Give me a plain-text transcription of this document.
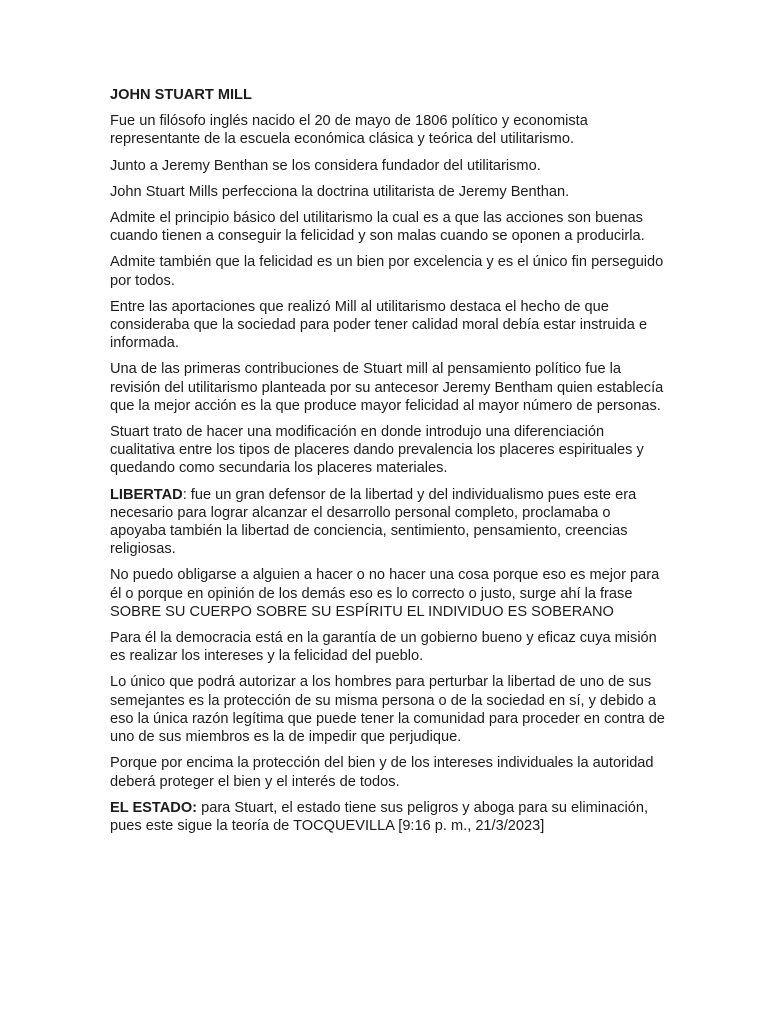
JOHN STUART MILL

Fue un filósofo inglés nacido el 20 de mayo de 1806 político y economista representante de la escuela económica clásica y teórica del utilitarismo.

Junto a Jeremy Benthan se los considera fundador del utilitarismo.

John Stuart Mills perfecciona la doctrina utilitarista de Jeremy Benthan.

Admite el principio básico del utilitarismo la cual es a que las acciones son buenas cuando tienen a conseguir la felicidad y son malas cuando se oponen a producirla.

Admite también que la felicidad es un bien por excelencia y es el único fin perseguido por todos.

Entre las aportaciones que realizó Mill al utilitarismo destaca el hecho de que consideraba que la sociedad para poder tener calidad moral debía estar instruida e informada.

Una de las primeras contribuciones de Stuart mill al pensamiento político fue la revisión del utilitarismo planteada por su antecesor Jeremy Bentham quien establecía que la mejor acción es la que produce mayor felicidad al mayor número de personas.

Stuart trato de hacer una modificación en donde introdujo una diferenciación cualitativa entre los tipos de placeres dando prevalencia los placeres espirituales y quedando como secundaria los placeres materiales.

LIBERTAD: fue un gran defensor de la libertad y del individualismo pues este era necesario para lograr alcanzar el desarrollo personal completo, proclamaba o apoyaba también la libertad de conciencia, sentimiento, pensamiento, creencias religiosas.

No puedo obligarse a alguien a hacer o no hacer una cosa porque eso es mejor para él o porque en opinión de los demás eso es lo correcto o justo, surge ahí la frase SOBRE SU CUERPO SOBRE SU ESPÍRITU EL INDIVIDUO ES SOBERANO

Para él la democracia está en la garantía de un gobierno bueno y eficaz cuya misión es realizar los intereses y la felicidad del pueblo.

Lo único que podrá autorizar a los hombres para perturbar la libertad de uno de sus semejantes es la protección de su misma persona o de la sociedad en sí, y debido a eso la única razón legítima que puede tener la comunidad para proceder en contra de uno de sus miembros es la de impedir que perjudique.

Porque por encima la protección del bien y de los intereses individuales la autoridad deberá proteger el bien y el interés de todos.

EL ESTADO: para Stuart, el estado tiene sus peligros y aboga para su eliminación, pues este sigue la teoría de TOCQUEVILLA [9:16 p. m., 21/3/2023]
